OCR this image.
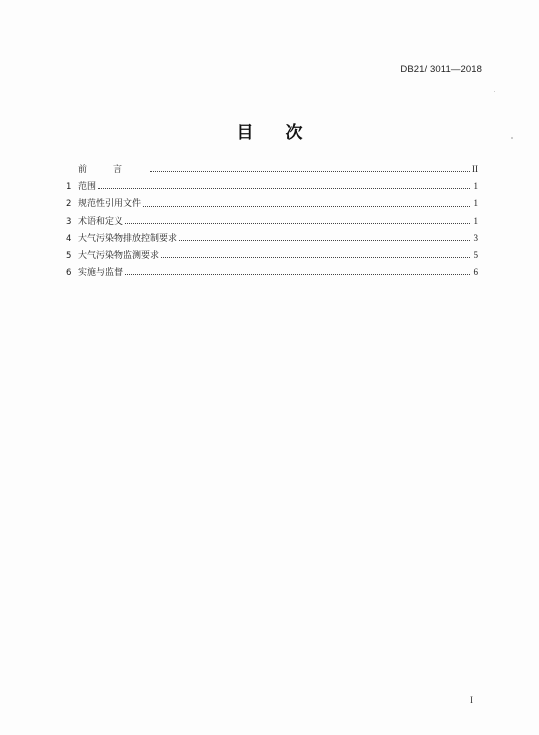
DB21/ 3011—2018
目次
前言	II
1 范围	1
2 规范性引用文件	1
3 术语和定义	1
4 大气污染物排放控制要求	3
5 大气污染物监测要求	5
6 实施与监督	6
I
